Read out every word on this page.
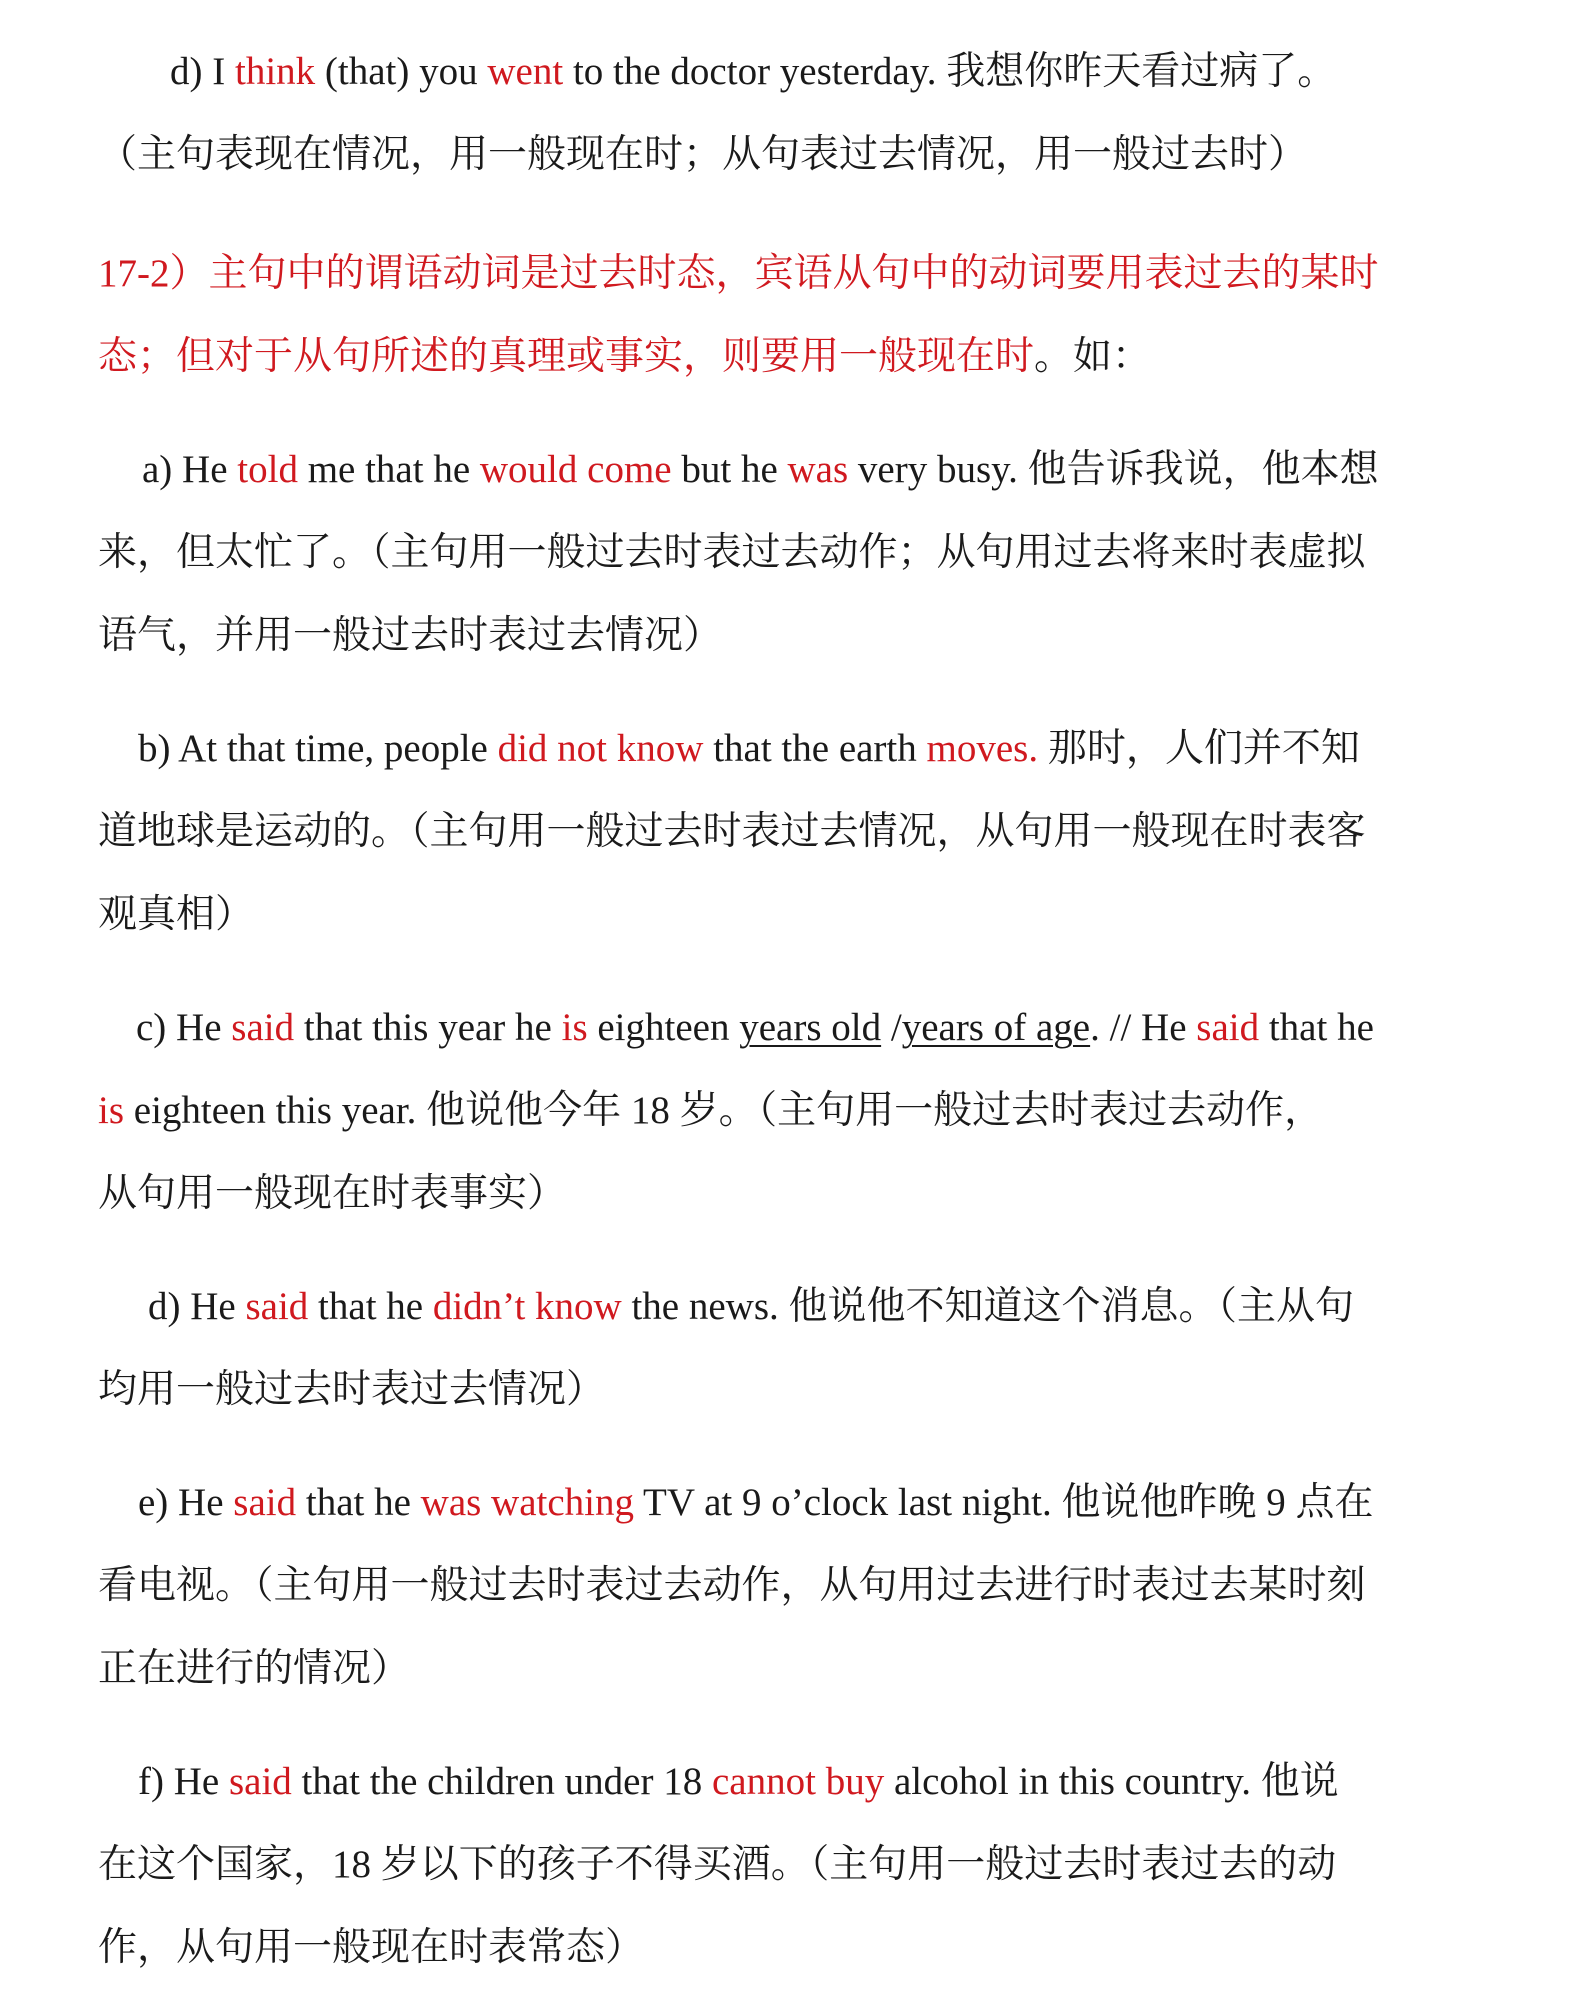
d) I think (that) you went to the doctor yesterday. 我想你昨天看过病了。
（主句表现在情况，用一般现在时；从句表过去情况，用一般过去时）
17-2）主句中的谓语动词是过去时态，宾语从句中的动词要用表过去的某时
态；但对于从句所述的真理或事实，则要用一般现在时。如：
a) He told me that he would come but he was very busy. 他告诉我说，他本想
来，但太忙了。（主句用一般过去时表过去动作；从句用过去将来时表虚拟
语气，并用一般过去时表过去情况）
b) At that time, people did not know that the earth moves. 那时，人们并不知
道地球是运动的。（主句用一般过去时表过去情况，从句用一般现在时表客
观真相）
c) He said that this year he is eighteen years old /years of age. // He said that he
is eighteen this year. 他说他今年 18 岁。（主句用一般过去时表过去动作，
从句用一般现在时表事实）
d) He said that he didn’t know the news. 他说他不知道这个消息。（主从句
均用一般过去时表过去情况）
e) He said that he was watching TV at 9 o’clock last night. 他说他昨晚 9 点在
看电视。（主句用一般过去时表过去动作，从句用过去进行时表过去某时刻
正在进行的情况）
f) He said that the children under 18 cannot buy alcohol in this country. 他说
在这个国家，18 岁以下的孩子不得买酒。（主句用一般过去时表过去的动
作，从句用一般现在时表常态）
